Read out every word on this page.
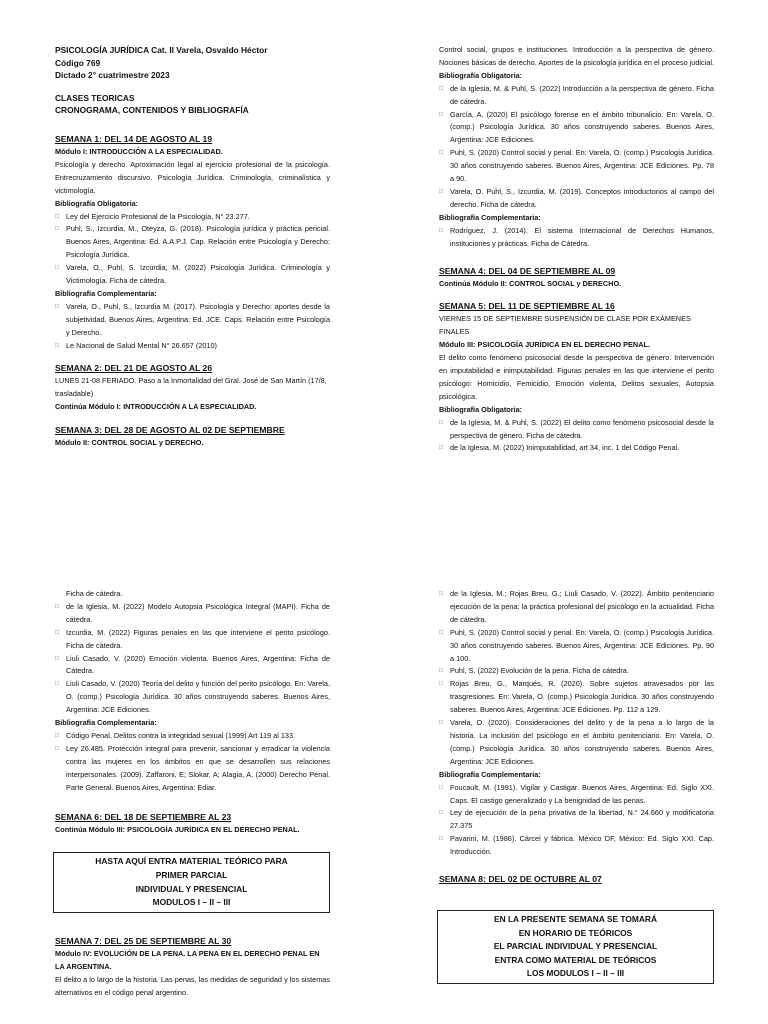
PSICOLOGÍA JURÍDICA Cat. II Varela, Osvaldo Héctor
Código 769
Dictado 2° cuatrimestre 2023
CLASES TEORICAS
CRONOGRAMA, CONTENIDOS Y BIBLIOGRAFÍA
SEMANA 1: DEL 14 DE AGOSTO AL 19
Módulo I: INTRODUCCIÓN A LA ESPECIALIDAD.
Psicología y derecho. Aproximación legal al ejercicio profesional de la psicología. Entrecruzamiento discursivo. Psicología Jurídica. Criminología, criminalística y victimología.
Bibliografía Obligatoria:
□ Ley del Ejercicio Profesional de la Psicología, N° 23.277.
□ Puhl, S., Izcurdia, M., Oteyza, G. (2018). Psicología jurídica y práctica pericial. Buenos Aires, Argentina: Ed. A.A.P.J. Cap. Relación entre Psicología y Derecho: Psicología Jurídica.
□ Varela, O., Puhl, S. Izcurdia, M. (2022) Psicología Jurídica. Criminología y Victimología. Ficha de cátedra.
Bibliografía Complementaria:
□ Varela, O., Puhl, S., Izcurdia M. (2017). Psicología y Derecho: aportes desde la subjetividad. Buenos Aires, Argentina: Ed. JCE. Caps. Relación entre Psicología y Derecho.
□ Le Nacional de Salud Mental N° 26.657 (2010)
SEMANA 2: DEL 21 DE AGOSTO AL 26
LUNES 21-08 FERIADO. Paso a la Inmortalidad del Gral. José de San Martín (17/8, trasladable)
Continúa Módulo I: INTRODUCCIÓN A LA ESPECIALIDAD.
SEMANA 3: DEL 28 DE AGOSTO AL 02 DE SEPTIEMBRE
Módulo II: CONTROL SOCIAL y DERECHO.
Control social, grupos e instituciones. Introducción a la perspectiva de género. Nociones básicas de derecho. Aportes de la psicología jurídica en el proceso judicial.
Bibliografía Obligatoria:
□ de la Iglesia, M. & Puhl, S. (2022) Introducción a la perspectiva de género. Ficha de cátedra.
□ García, A. (2020) El psicólogo forense en el ámbito tribunalicio. En: Varela, O. (comp.) Psicología Jurídica. 30 años construyendo saberes. Buenos Aires, Argentina: JCE Ediciones.
□ Puhl, S. (2020) Control social y penal. En: Varela, O. (comp.) Psicología Jurídica. 30 años construyendo saberes. Buenos Aires, Argentina: JCE Ediciones. Pp. 78 a 90.
□ Varela, O. Puhl, S., Izcurdia, M. (2019). Conceptos introductorios al campo del derecho. Ficha de cátedra.
Bibliografía Complementaria:
□ Rodríguez, J. (2014). El sistema Internacional de Derechos Humanos, instituciones y prácticas. Ficha de Cátedra.
SEMANA 4: DEL 04 DE SEPTIEMBRE AL 09
Continúa Módulo II: CONTROL SOCIAL y DERECHO.
SEMANA 5: DEL 11 DE SEPTIEMBRE AL 16
VIERNES 15 DE SEPTIEMBRE SUSPENSIÓN DE CLASE POR EXÁMENES FINALES
Módulo III: PSICOLOGÍA JURÍDICA EN EL DERECHO PENAL.
El delito como fenómeno psicosocial desde la perspectiva de género. Intervención en imputabilidad e inimputabilidad. Figuras penales en las que interviene el perito psicólogo: Homicidio, Femicidio, Emoción violenta, Delitos sexuales, Autopsia psicológica.
Bibliografía Obligatoria:
□ de la Iglesia, M. & Puhl, S. (2022) El delito como fenómeno psicosocial desde la perspectiva de género. Ficha de cátedra.
□ de la Iglesia, M. (2022) Inimputabilidad, art 34, inc. 1 del Código Penal.
Ficha de cátedra.
□ de la Iglesia, M. (2022) Modelo Autopsia Psicológica Integral (MAPI). Ficha de cátedra.
□ Izcurdia, M. (2022) Figuras penales en las que interviene el perito psicólogo. Ficha de cátedra.
□ Liuli Casado, V. (2020) Emoción violenta. Buenos Aires, Argentina: Ficha de Cátedra.
□ Liuli Casado, V. (2020) Teoría del delito y función del perito psicólogo. En: Varela, O. (comp.) Psicología Jurídica. 30 años construyendo saberes. Buenos Aires, Argentina: JCE Ediciones.
Bibliografía Complementaria:
□ Código Penal, Delitos contra la integridad sexual (1999) Art 119 al 133.
□ Ley 26.485. Protección integral para prevenir, sancionar y erradicar la violencia contra las mujeres en los ámbitos en que se desarrollen sus relaciones interpersonales. (2009). Zaffaroni, E; Slokar, A; Alagia, A. (2000) Derecho Penal. Parte General. Buenos Aires, Argentina: Ediar.
SEMANA 6: DEL 18 DE SEPTIEMBRE AL 23
Continúa Módulo III: PSICOLOGÍA JURÍDICA EN EL DERECHO PENAL.
HASTA AQUÍ ENTRA MATERIAL TEÓRICO PARA
PRIMER PARCIAL
INDIVIDUAL Y PRESENCIAL
MODULOS I – II – III
SEMANA 7: DEL 25 DE SEPTIEMBRE AL 30
Módulo IV: EVOLUCIÓN DE LA PENA. LA PENA EN EL DERECHO PENAL EN LA ARGENTINA.
El delito a lo largo de la historia. Las penas, las medidas de seguridad y los sistemas alternativos en el código penal argentino.
□ de la Iglesia, M.; Rojas Breu, G.; Liuli Casado, V. (2022). Ámbito penitenciario ejecución de la pena: la práctica profesional del psicólogo en la actualidad. Ficha de cátedra.
□ Puhl, S. (2020) Control social y penal. En: Varela, O. (comp.) Psicología Jurídica. 30 años construyendo saberes. Buenos Aires, Argentina: JCE Ediciones. Pp. 90 a 100.
□ Puhl, S. (2022) Evolución de la pena. Ficha de cátedra.
□ Rojas Breu, G., Marqués, R. (2020). Sobre sujetos atravesados por las trasgresiones. En: Varela, O. (comp.) Psicología Jurídica. 30 años construyendo saberes. Buenos Aires, Argentina: JCE Ediciones. Pp. 112 a 129.
□ Varela, O. (2020). Consideraciones del delito y de la pena a lo largo de la historia. La inclusión del psicólogo en el ámbito penitenciario. En: Varela, O. (comp.) Psicología Jurídica. 30 años construyendo saberes. Buenos Aires, Argentina: JCE Ediciones.
Bibliografía Complementaria:
□ Foucault, M. (1991). Vigilar y Castigar. Buenos Aires, Argentina: Ed. Siglo XXI. Caps. El castigo generalizado y La benignidad de las penas.
□ Ley de ejecución de la pena privativa de la libertad, N.° 24.660 y modificatoria 27.375
□ Pavarini, M. (1986). Cárcel y fábrica. México DF, México: Ed. Siglo XXI. Cap. Introducción.
SEMANA 8: DEL 02 DE OCTUBRE AL 07
EN LA PRESENTE SEMANA SE TOMARÁ
EN HORARIO DE TEÓRICOS
EL PARCIAL INDIVIDUAL Y PRESENCIAL
ENTRA COMO MATERIAL DE TEÓRICOS
LOS MODULOS I – II – III
